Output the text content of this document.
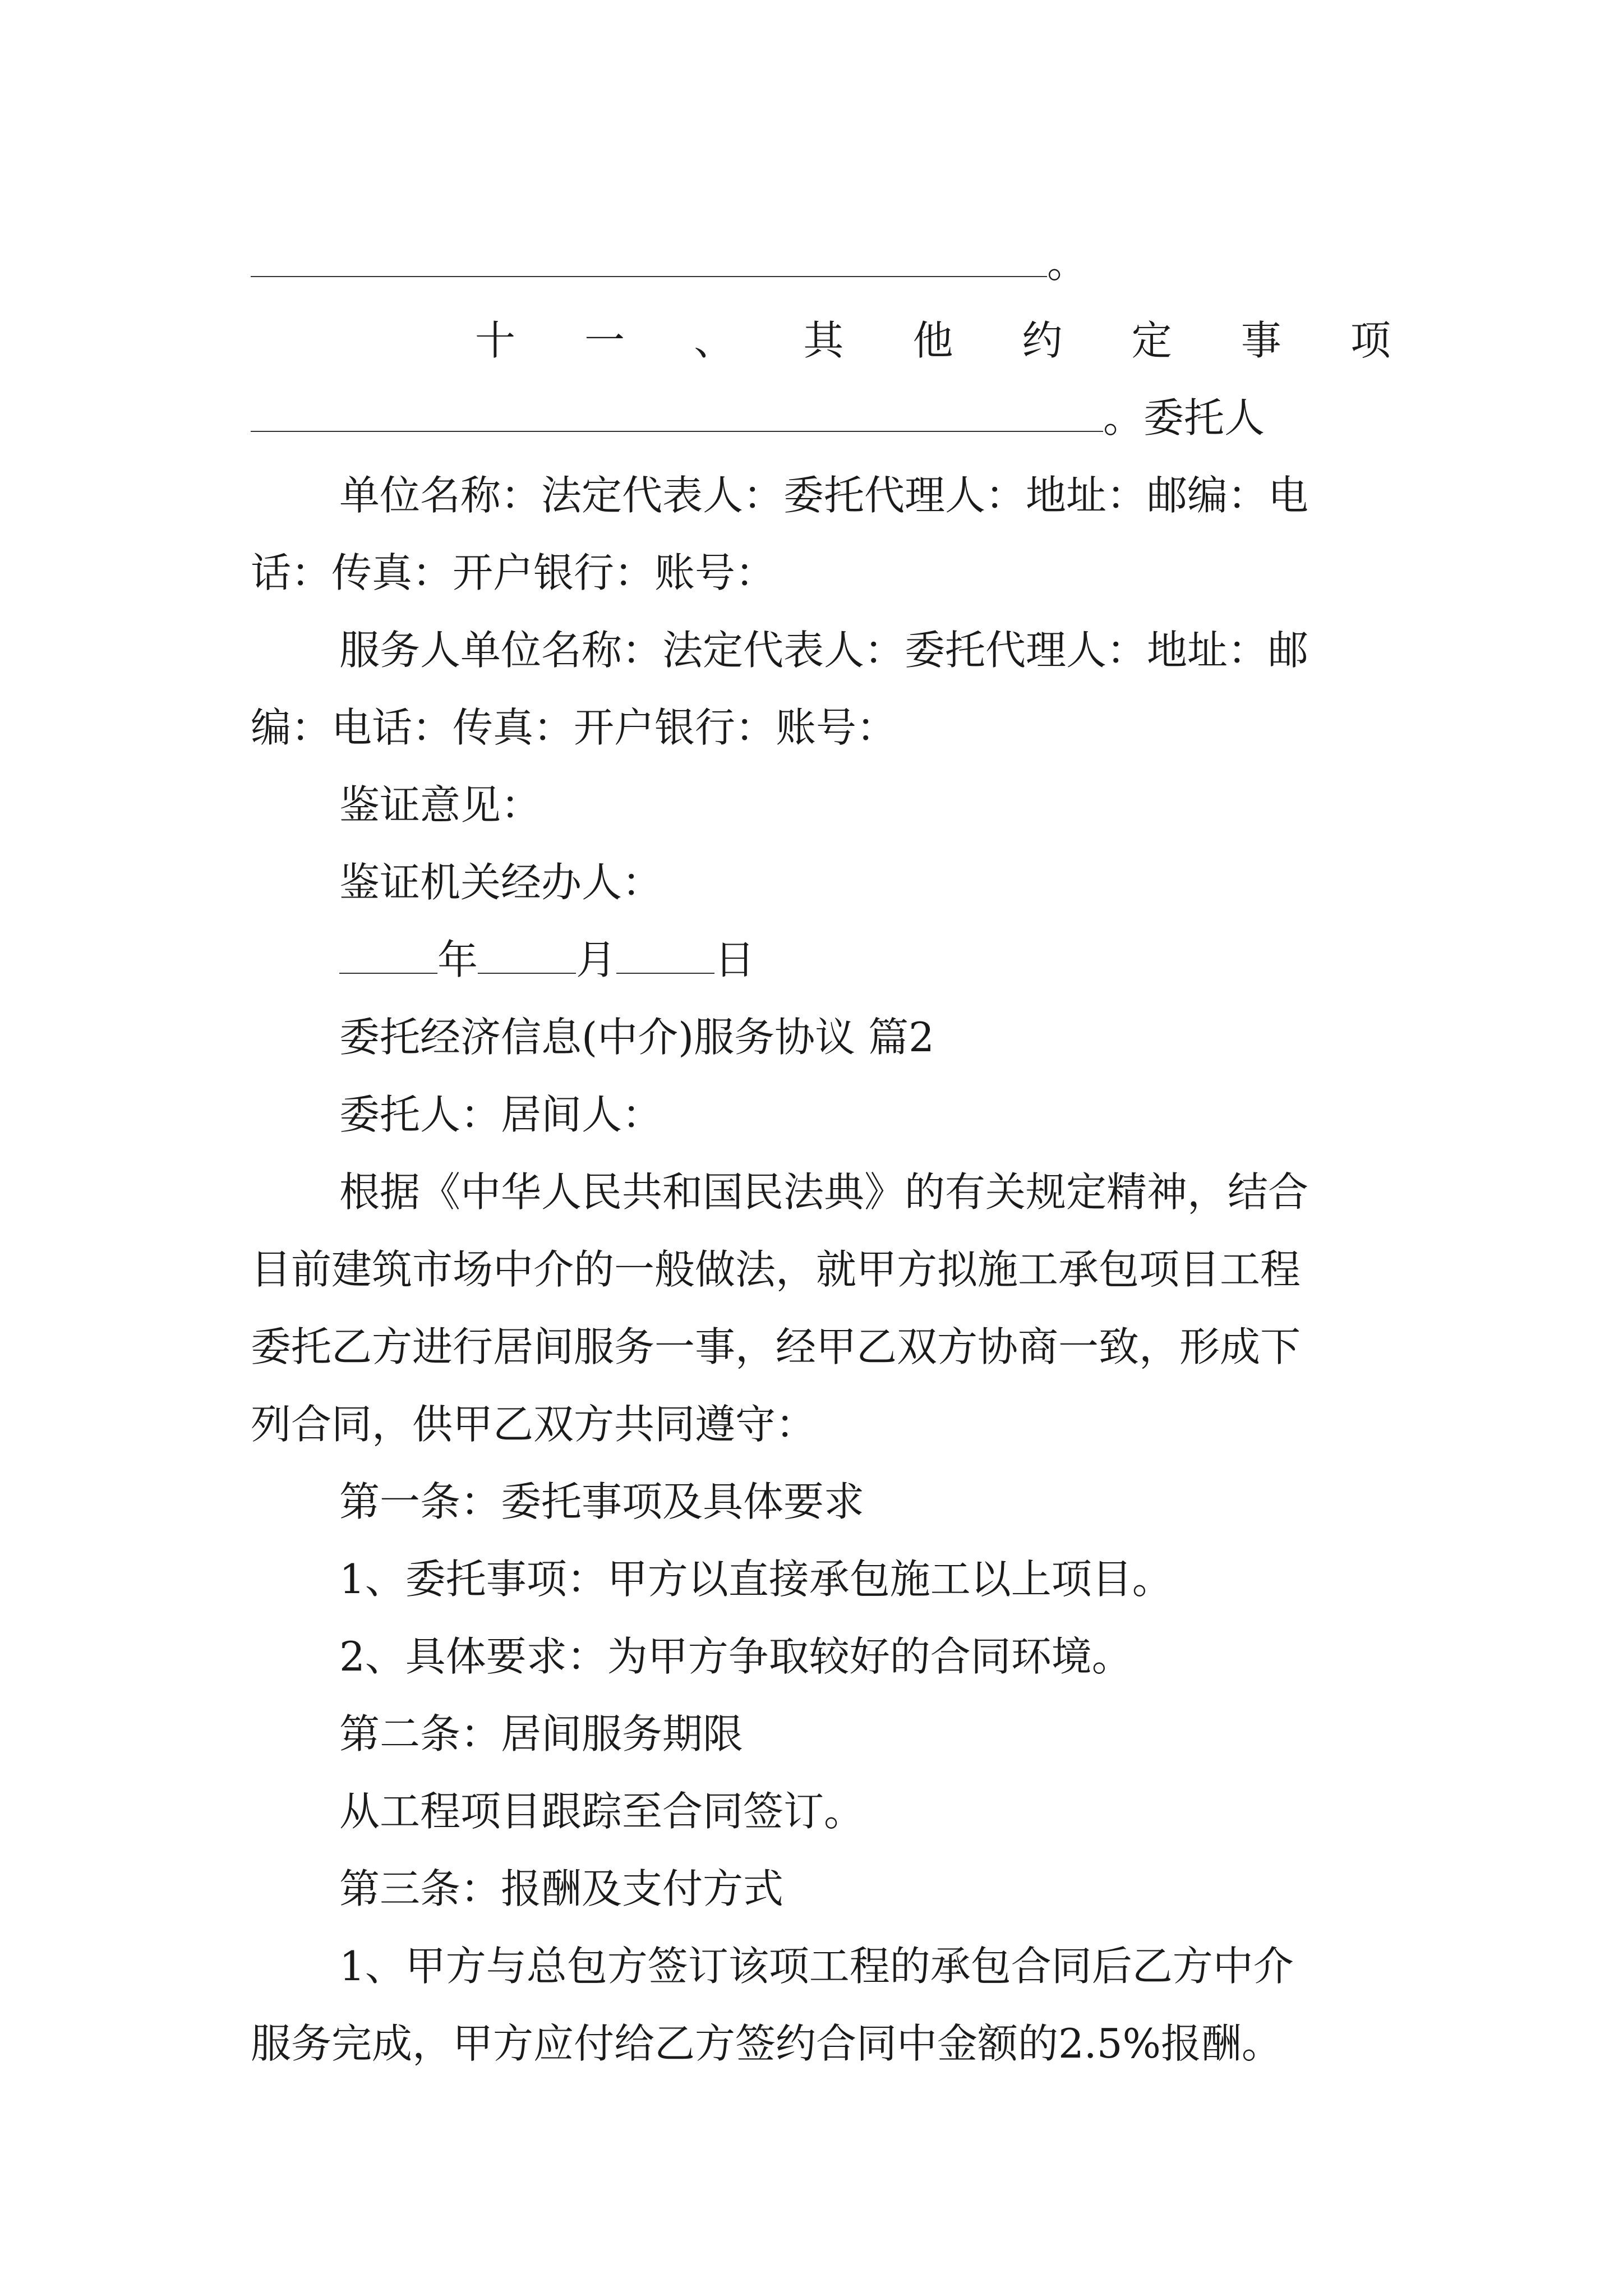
。
十 一 、 其 他 约 定 事 项
。委托人
单位名称：法定代表人：委托代理人：地址：邮编：电
话：传真：开户银行：账号：
服务人单位名称：法定代表人：委托代理人：地址：邮
编：电话：传真：开户银行：账号：
鉴证意见：
鉴证机关经办人：
年 月 日
委托经济信息(中介)服务协议 篇2
委托人：居间人：
根据《中华人民共和国民法典》的有关规定精神，结合
目前建筑市场中介的一般做法，就甲方拟施工承包项目工程
委托乙方进行居间服务一事，经甲乙双方协商一致，形成下
列合同，供甲乙双方共同遵守：
第一条：委托事项及具体要求
1、委托事项：甲方以直接承包施工以上项目。
2、具体要求：为甲方争取较好的合同环境。
第二条：居间服务期限
从工程项目跟踪至合同签订。
第三条：报酬及支付方式
1、甲方与总包方签订该项工程的承包合同后乙方中介
服务完成，甲方应付给乙方签约合同中金额的2.5%报酬。
